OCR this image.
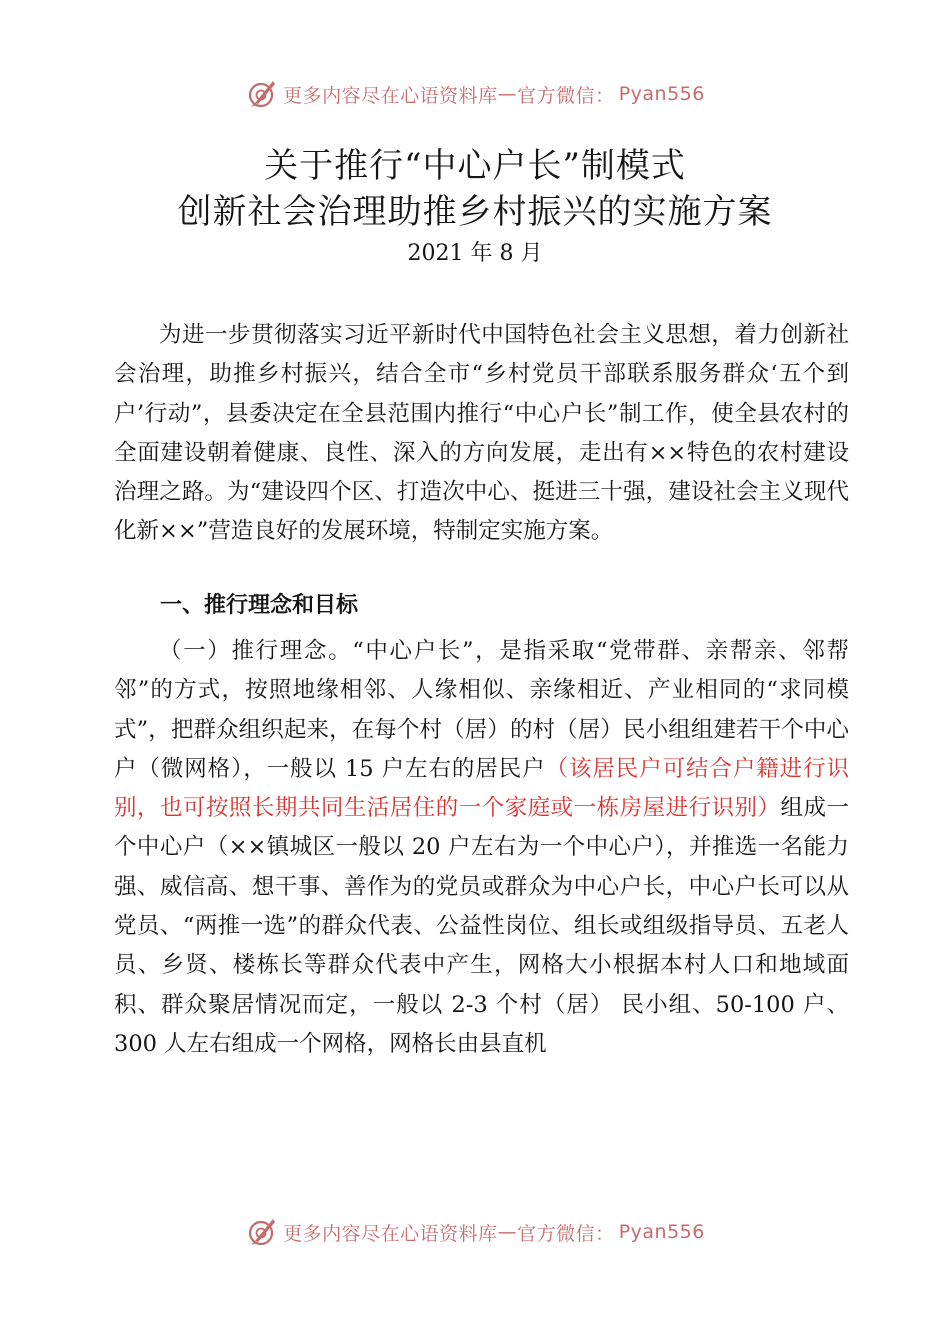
更多内容尽在心语资料库 — 官方微信： Pyan556
关于推行“中心户长”制模式
创新社会治理助推乡村振兴的实施方案
2021 年 8 月
为进一步贯彻落实习近平新时代中国特色社会主义思想，着力创新社会治理，助推乡村振兴，结合全市“乡村党员干部联系服务群众‘五个到户’行动”，县委决定在全县范围内推行“中心户长”制工作，使全县农村的全面建设朝着健康、良性、深入的方向发展，走出有××特色的农村建设治理之路。为“建设四个区、打造次中心、挺进三十强，建设社会主义现代化新××”营造良好的发展环境，特制定实施方案。
一、推行理念和目标
（一）推行理念。“中心户长”，是指采取“党带群、亲帮亲、邻帮邻”的方式，按照地缘相邻、人缘相似、亲缘相近、产业相同的“求同模式”，把群众组织起来，在每个村（居）的村（居）民小组组建若干个中心户（微网格），一般以 15 户左右的居民户（该居民户可结合户籍进行识别，也可按照长期共同生活居住的一个家庭或一栋房屋进行识别）组成一个中心户（××镇城区一般以 20 户左右为一个中心户），并推选一名能力强、威信高、想干事、善作为的党员或群众为中心户长，中心户长可以从党员、“两推一选”的群众代表、公益性岗位、组长或组级指导员、五老人员、乡贤、楼栋长等群众代表中产生，网格大小根据本村人口和地域面积、群众聚居情况而定，一般以 2-3 个村（居） 民小组、50-100 户、300 人左右组成一个网格，网格长由县直机
更多内容尽在心语资料库 — 官方微信： Pyan556
